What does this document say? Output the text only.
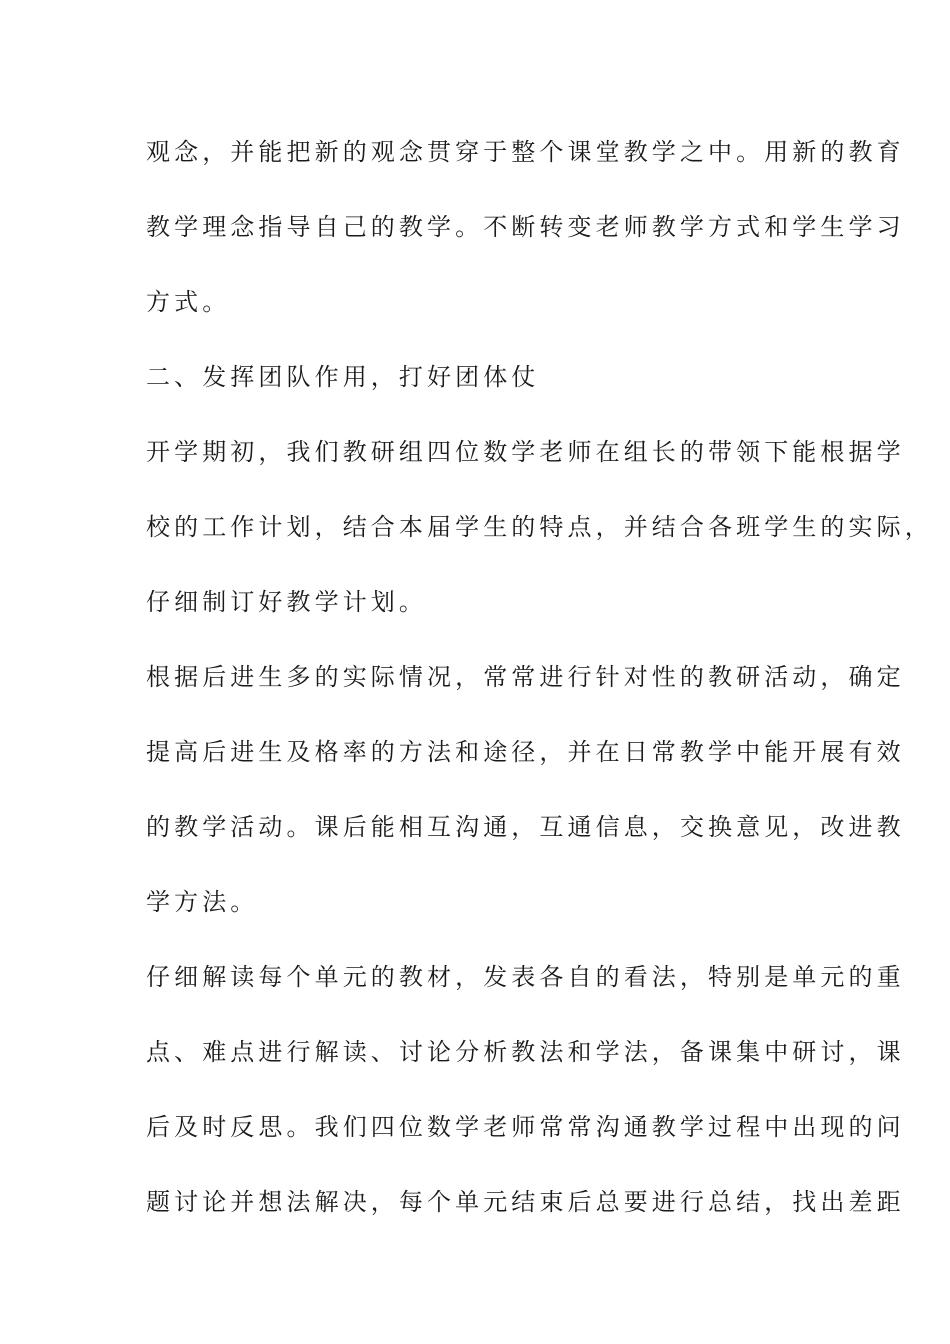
观念，并能把新的观念贯穿于整个课堂教学之中。用新的教育
教学理念指导自己的教学。不断转变老师教学方式和学生学习
方式。
二、发挥团队作用，打好团体仗
开学期初，我们教研组四位数学老师在组长的带领下能根据学
校的工作计划，结合本届学生的特点，并结合各班学生的实际，
仔细制订好教学计划。
根据后进生多的实际情况，常常进行针对性的教研活动，确定
提高后进生及格率的方法和途径，并在日常教学中能开展有效
的教学活动。课后能相互沟通，互通信息，交换意见，改进教
学方法。
仔细解读每个单元的教材，发表各自的看法，特别是单元的重
点、难点进行解读、讨论分析教法和学法，备课集中研讨，课
后及时反思。我们四位数学老师常常沟通教学过程中出现的问
题讨论并想法解决，每个单元结束后总要进行总结，找出差距
